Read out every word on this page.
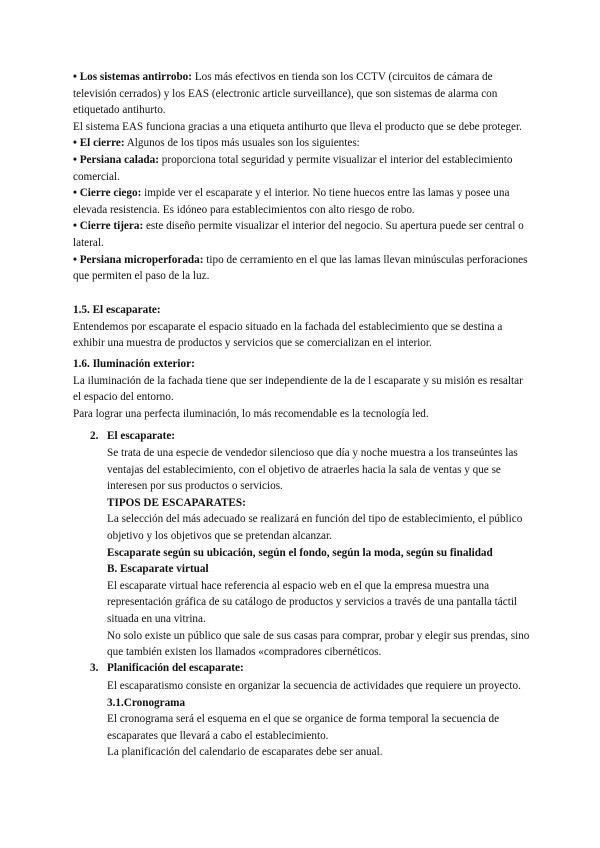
• Los sistemas antirrobo: Los más efectivos en tienda son los CCTV (circuitos de cámara de televisión cerrados) y los EAS (electronic article surveillance), que son sistemas de alarma con etiquetado antihurto.

El sistema EAS funciona gracias a una etiqueta antihurto que lleva el producto que se debe proteger.

• El cierre: Algunos de los tipos más usuales son los siguientes:

• Persiana calada: proporciona total seguridad y permite visualizar el interior del establecimiento comercial.

• Cierre ciego: impide ver el escaparate y el interior. No tiene huecos entre las lamas y posee una elevada resistencia. Es idóneo para establecimientos con alto riesgo de robo.

• Cierre tijera: este diseño permite visualizar el interior del negocio. Su apertura puede ser central o lateral.

• Persiana microperforada: tipo de cerramiento en el que las lamas llevan minúsculas perforaciones que permiten el paso de la luz.

1.5. El escaparate:

Entendemos por escaparate el espacio situado en la fachada del establecimiento que se destina a exhibir una muestra de productos y servicios que se comercializan en el interior.

1.6. Iluminación exterior:

La iluminación de la fachada tiene que ser independiente de la de l escaparate y su misión es resaltar el espacio del entorno.

Para lograr una perfecta iluminación, lo más recomendable es la tecnología led.

2. El escaparate:

Se trata de una especie de vendedor silencioso que día y noche muestra a los transeúntes las ventajas del establecimiento, con el objetivo de atraerles hacia la sala de ventas y que se interesen por sus productos o servicios.

TIPOS DE ESCAPARATES:

La selección del más adecuado se realizará en función del tipo de establecimiento, el público objetivo y los objetivos que se pretendan alcanzar.

Escaparate según su ubicación, según el fondo, según la moda, según su finalidad

B. Escaparate virtual

El escaparate virtual hace referencia al espacio web en el que la empresa muestra una representación gráfica de su catálogo de productos y servicios a través de una pantalla táctil situada en una vitrina.

No solo existe un público que sale de sus casas para comprar, probar y elegir sus prendas, sino que también existen los llamados «compradores cibernéticos.

3. Planificación del escaparate:

El escaparatismo consiste en organizar la secuencia de actividades que requiere un proyecto.

3.1.Cronograma

El cronograma será el esquema en el que se organice de forma temporal la secuencia de escaparates que llevará a cabo el establecimiento.

La planificación del calendario de escaparates debe ser anual.
